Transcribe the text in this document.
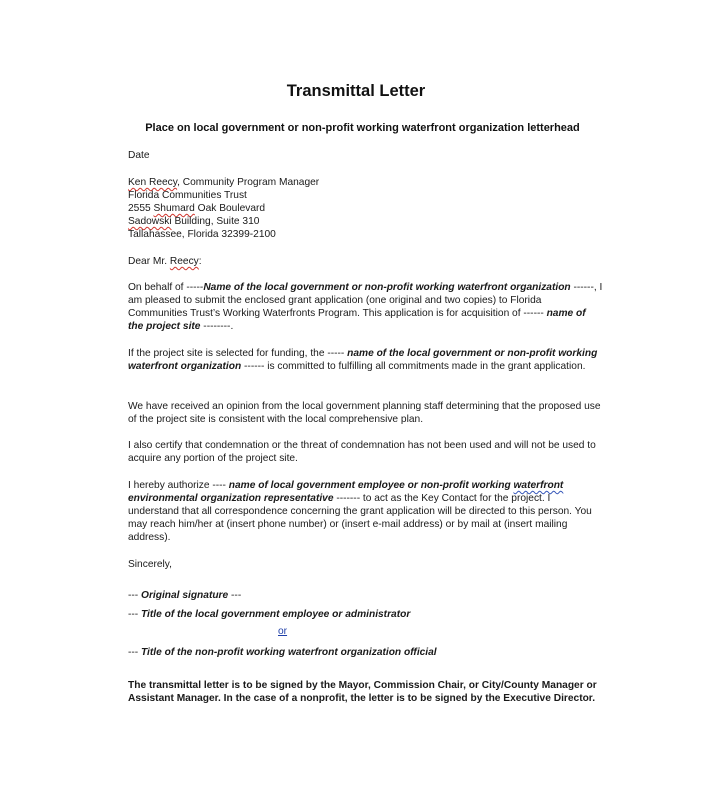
Transmittal Letter
Place on local government or non-profit working waterfront organization letterhead
Date
Ken Reecy, Community Program Manager
Florida Communities Trust
2555 Shumard Oak Boulevard
Sadowski Building, Suite 310
Tallahassee, Florida 32399-2100
Dear Mr. Reecy:
On behalf of -----Name of the local government or non-profit working waterfront organization ------, I am pleased to submit the enclosed grant application (one original and two copies) to Florida Communities Trust’s Working Waterfronts Program. This application is for acquisition of ------ name of the project site --------.
If the project site is selected for funding, the ----- name of the local government or non-profit working waterfront organization ------ is committed to fulfilling all commitments made in the grant application.
We have received an opinion from the local government planning staff determining that the proposed use of the project site is consistent with the local comprehensive plan.
I also certify that condemnation or the threat of condemnation has not been used and will not be used to acquire any portion of the project site.
I hereby authorize ---- name of local government employee or non-profit working waterfront environmental organization representative ------- to act as the Key Contact for the project. I understand that all correspondence concerning the grant application will be directed to this person. You may reach him/her at (insert phone number) or (insert e-mail address) or by mail at (insert mailing address).
Sincerely,
--- Original signature ---
--- Title of the local government employee or administrator
or
--- Title of the non-profit working waterfront organization official
The transmittal letter is to be signed by the Mayor, Commission Chair, or City/County Manager or Assistant Manager. In the case of a nonprofit, the letter is to be signed by the Executive Director.
